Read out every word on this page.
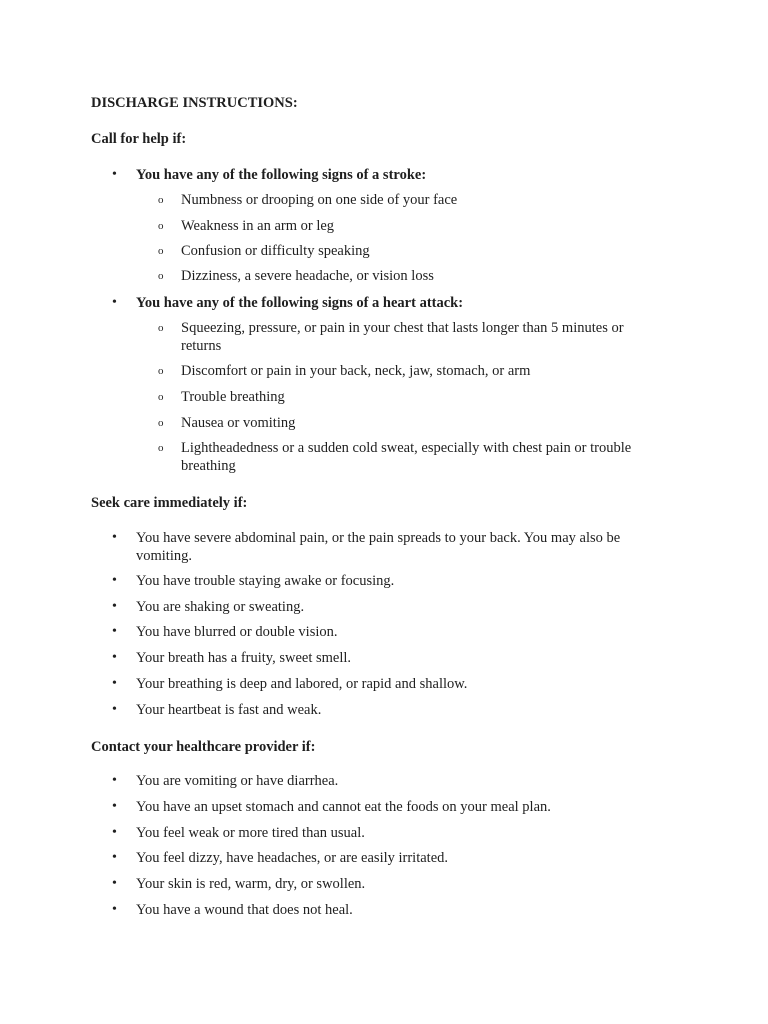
DISCHARGE INSTRUCTIONS:
Call for help if:
• You have any of the following signs of a stroke:
o Numbness or drooping on one side of your face
o Weakness in an arm or leg
o Confusion or difficulty speaking
o Dizziness, a severe headache, or vision loss
• You have any of the following signs of a heart attack:
o Squeezing, pressure, or pain in your chest that lasts longer than 5 minutes or returns
o Discomfort or pain in your back, neck, jaw, stomach, or arm
o Trouble breathing
o Nausea or vomiting
o Lightheadedness or a sudden cold sweat, especially with chest pain or trouble breathing
Seek care immediately if:
• You have severe abdominal pain, or the pain spreads to your back. You may also be vomiting.
• You have trouble staying awake or focusing.
• You are shaking or sweating.
• You have blurred or double vision.
• Your breath has a fruity, sweet smell.
• Your breathing is deep and labored, or rapid and shallow.
• Your heartbeat is fast and weak.
Contact your healthcare provider if:
• You are vomiting or have diarrhea.
• You have an upset stomach and cannot eat the foods on your meal plan.
• You feel weak or more tired than usual.
• You feel dizzy, have headaches, or are easily irritated.
• Your skin is red, warm, dry, or swollen.
• You have a wound that does not heal.
